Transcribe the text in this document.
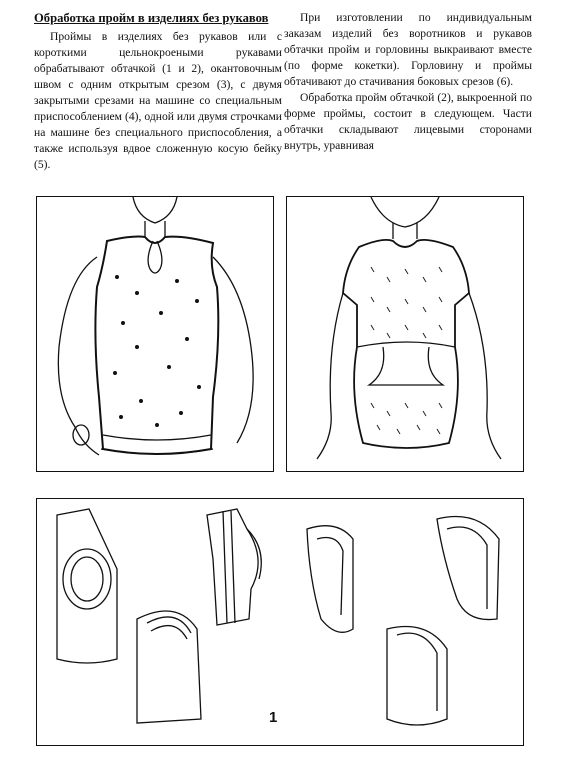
Обработка пройм в изделиях без рукавов

Проймы в изделиях без рукавов или с короткими цельнокроеными рукавами обрабатывают обтачкой (1 и 2), окантовочным швом с одним открытым срезом (3), с двумя закрытыми срезами на машине со специальным приспособлением (4), одной или двумя строчками на машине без специального приспособления, а также используя вдвое сложенную косую бейку (5).

При изготовлении по индивидуальным заказам изделий без воротников и рукавов обтачки пройм и горловины выкраивают вместе (по форме кокетки). Горловину и проймы обтачивают до стачивания боковых срезов (6).

Обработка пройм обтачкой (2), выкроенной по форме проймы, состоит в следующем. Части обтачки складывают лицевыми сторонами внутрь, уравнивая

1
